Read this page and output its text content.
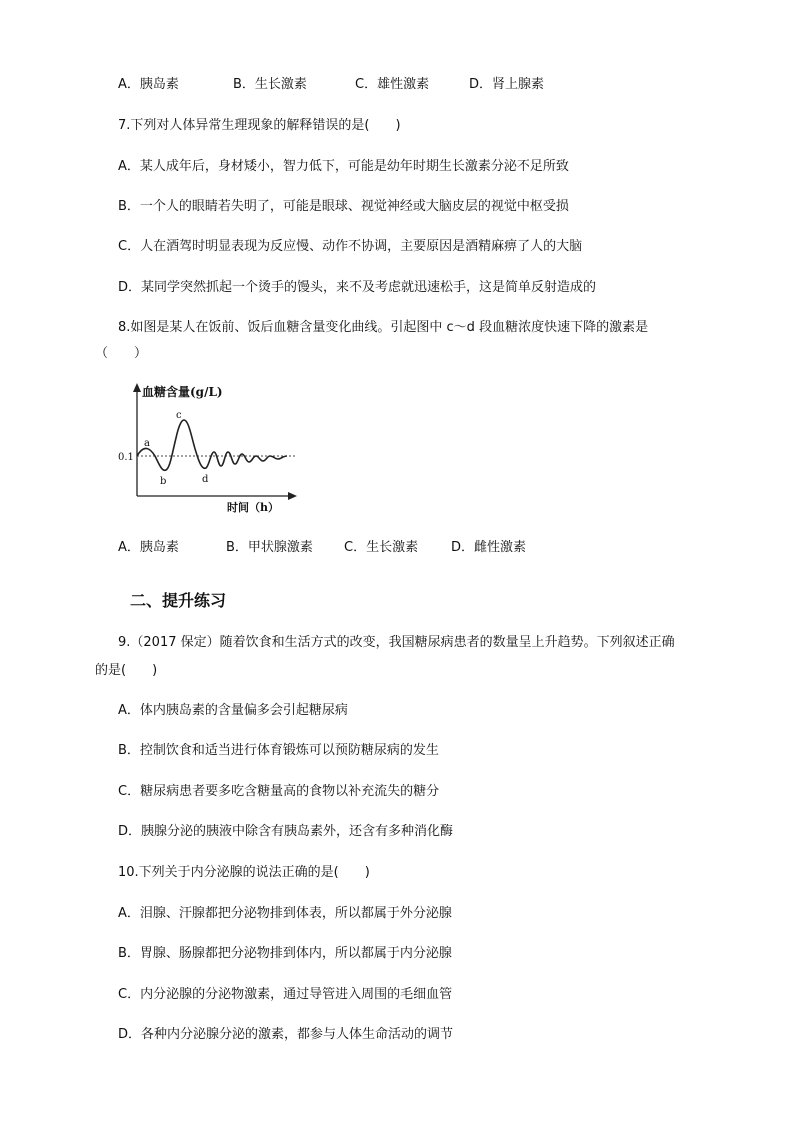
A．胰岛素	B．生长激素	C．雄性激素	D．肾上腺素
7.下列对人体异常生理现象的解释错误的是(　　)
A．某人成年后，身材矮小，智力低下，可能是幼年时期生长激素分泌不足所致
B．一个人的眼睛若失明了，可能是眼球、视觉神经或大脑皮层的视觉中枢受损
C．人在酒驾时明显表现为反应慢、动作不协调，主要原因是酒精麻痹了人的大脑
D．某同学突然抓起一个烫手的馒头，来不及考虑就迅速松手，这是简单反射造成的
8.如图是某人在饭前、饭后血糖含量变化曲线。引起图中 c～d 段血糖浓度快速下降的激素是
（　　）
血糖含量(g/L)
时间（h）
0.1
a
b
c
d
A．胰岛素	B．甲状腺激素 C．生长激素	D．雌性激素
二、提升练习
9.（2017 保定）随着饮食和生活方式的改变，我国糖尿病患者的数量呈上升趋势。下列叙述正确
的是(　　)
A．体内胰岛素的含量偏多会引起糖尿病
B．控制饮食和适当进行体育锻炼可以预防糖尿病的发生
C．糖尿病患者要多吃含糖量高的食物以补充流失的糖分
D．胰腺分泌的胰液中除含有胰岛素外，还含有多种消化酶
10.下列关于内分泌腺的说法正确的是(　　)
A．泪腺、汗腺都把分泌物排到体表，所以都属于外分泌腺
B．胃腺、肠腺都把分泌物排到体内，所以都属于内分泌腺
C．内分泌腺的分泌物激素，通过导管进入周围的毛细血管
D．各种内分泌腺分泌的激素，都参与人体生命活动的调节
